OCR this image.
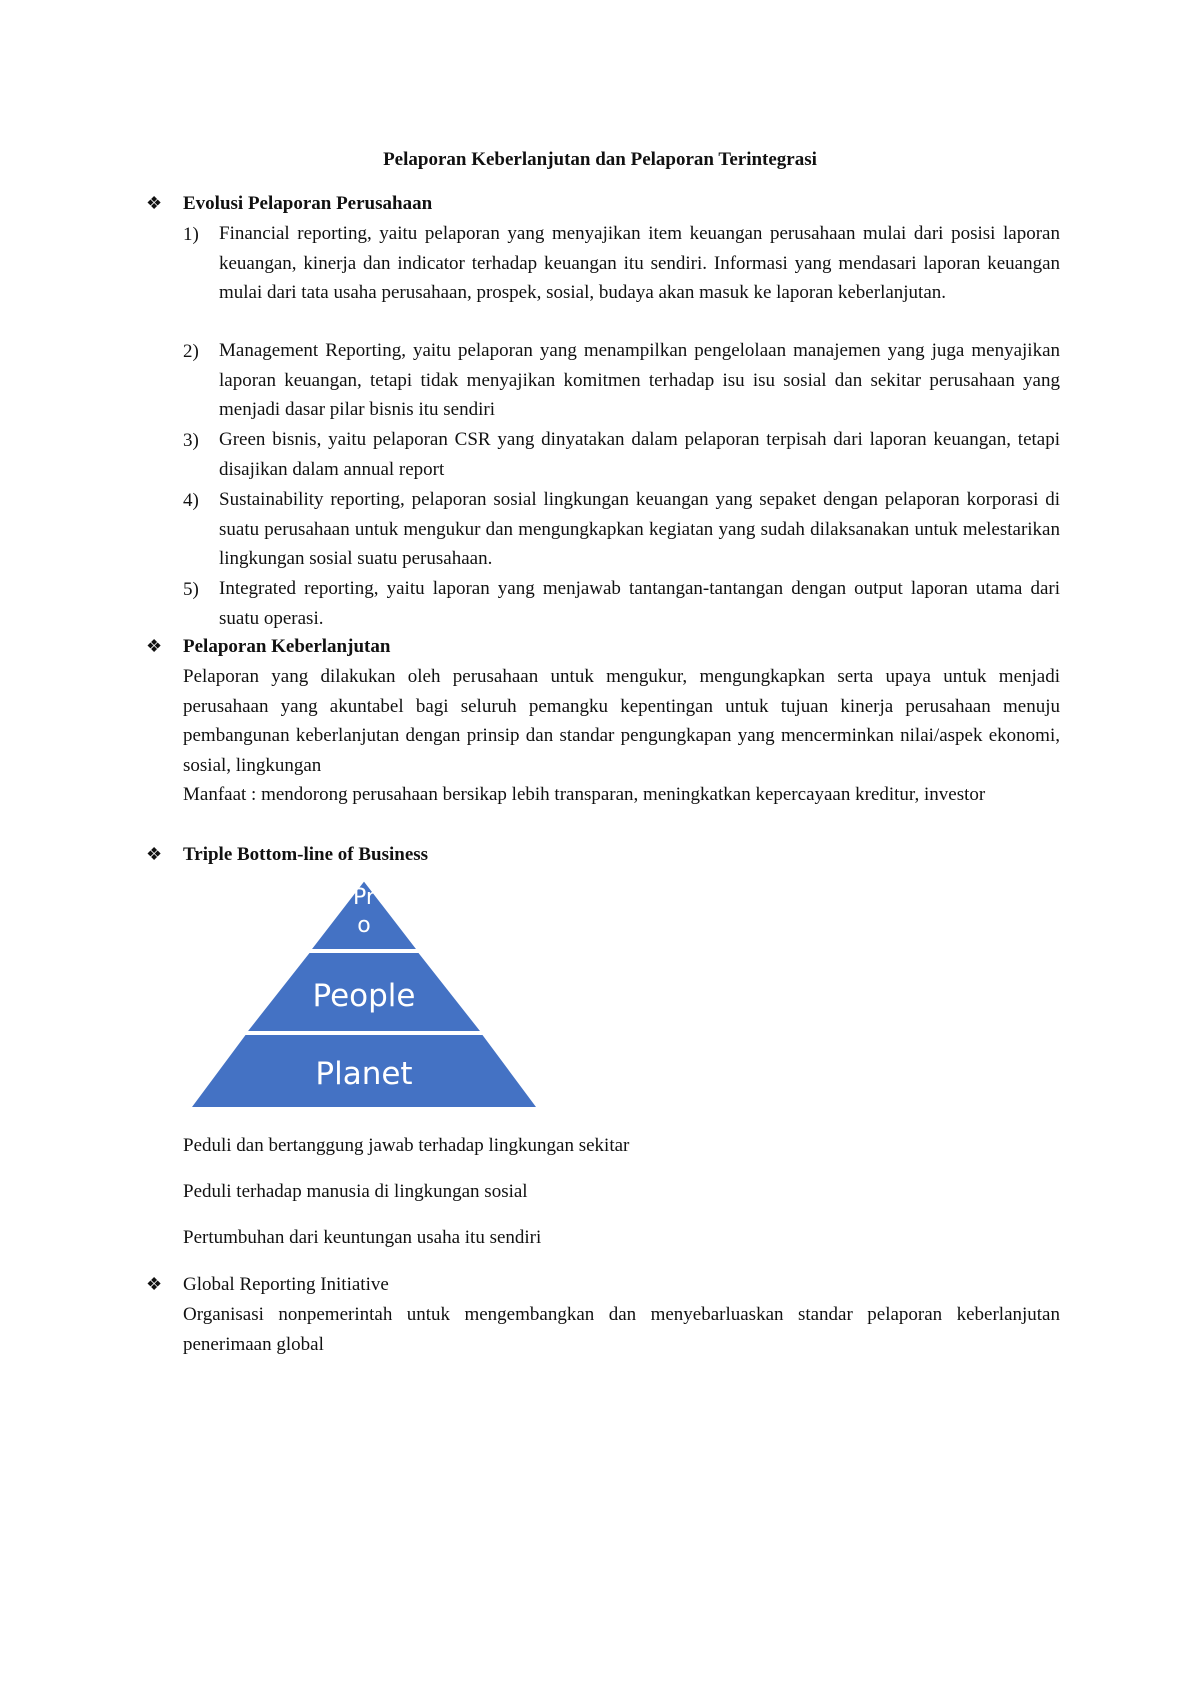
Pelaporan Keberlanjutan dan Pelaporan Terintegrasi
❖ Evolusi Pelaporan Perusahaan
1) Financial reporting, yaitu pelaporan yang menyajikan item keuangan perusahaan mulai dari posisi laporan keuangan, kinerja dan indicator terhadap keuangan itu sendiri. Informasi yang mendasari laporan keuangan mulai dari tata usaha perusahaan, prospek, sosial, budaya akan masuk ke laporan keberlanjutan.
2) Management Reporting, yaitu pelaporan yang menampilkan pengelolaan manajemen yang juga menyajikan laporan keuangan, tetapi tidak menyajikan komitmen terhadap isu isu sosial dan sekitar perusahaan yang menjadi dasar pilar bisnis itu sendiri
3) Green bisnis, yaitu pelaporan CSR yang dinyatakan dalam pelaporan terpisah dari laporan keuangan, tetapi disajikan dalam annual report
4) Sustainability reporting, pelaporan sosial lingkungan keuangan yang sepaket dengan pelaporan korporasi di suatu perusahaan untuk mengukur dan mengungkapkan kegiatan yang sudah dilaksanakan untuk melestarikan lingkungan sosial suatu perusahaan.
5) Integrated reporting, yaitu laporan yang menjawab tantangan-tantangan dengan output laporan utama dari suatu operasi.
❖ Pelaporan Keberlanjutan
Pelaporan yang dilakukan oleh perusahaan untuk mengukur, mengungkapkan serta upaya untuk menjadi perusahaan yang akuntabel bagi seluruh pemangku kepentingan untuk tujuan kinerja perusahaan menuju pembangunan keberlanjutan dengan prinsip dan standar pengungkapan yang mencerminkan nilai/aspek ekonomi, sosial, lingkungan
Manfaat : mendorong perusahaan bersikap lebih transparan, meningkatkan kepercayaan kreditur, investor
❖ Triple Bottom-line of Business
Pr
o
People
Planet
Peduli dan bertanggung jawab terhadap lingkungan sekitar
Peduli terhadap manusia di lingkungan sosial
Pertumbuhan dari keuntungan usaha itu sendiri
❖ Global Reporting Initiative
Organisasi nonpemerintah untuk mengembangkan dan menyebarluaskan standar pelaporan keberlanjutan penerimaan global
